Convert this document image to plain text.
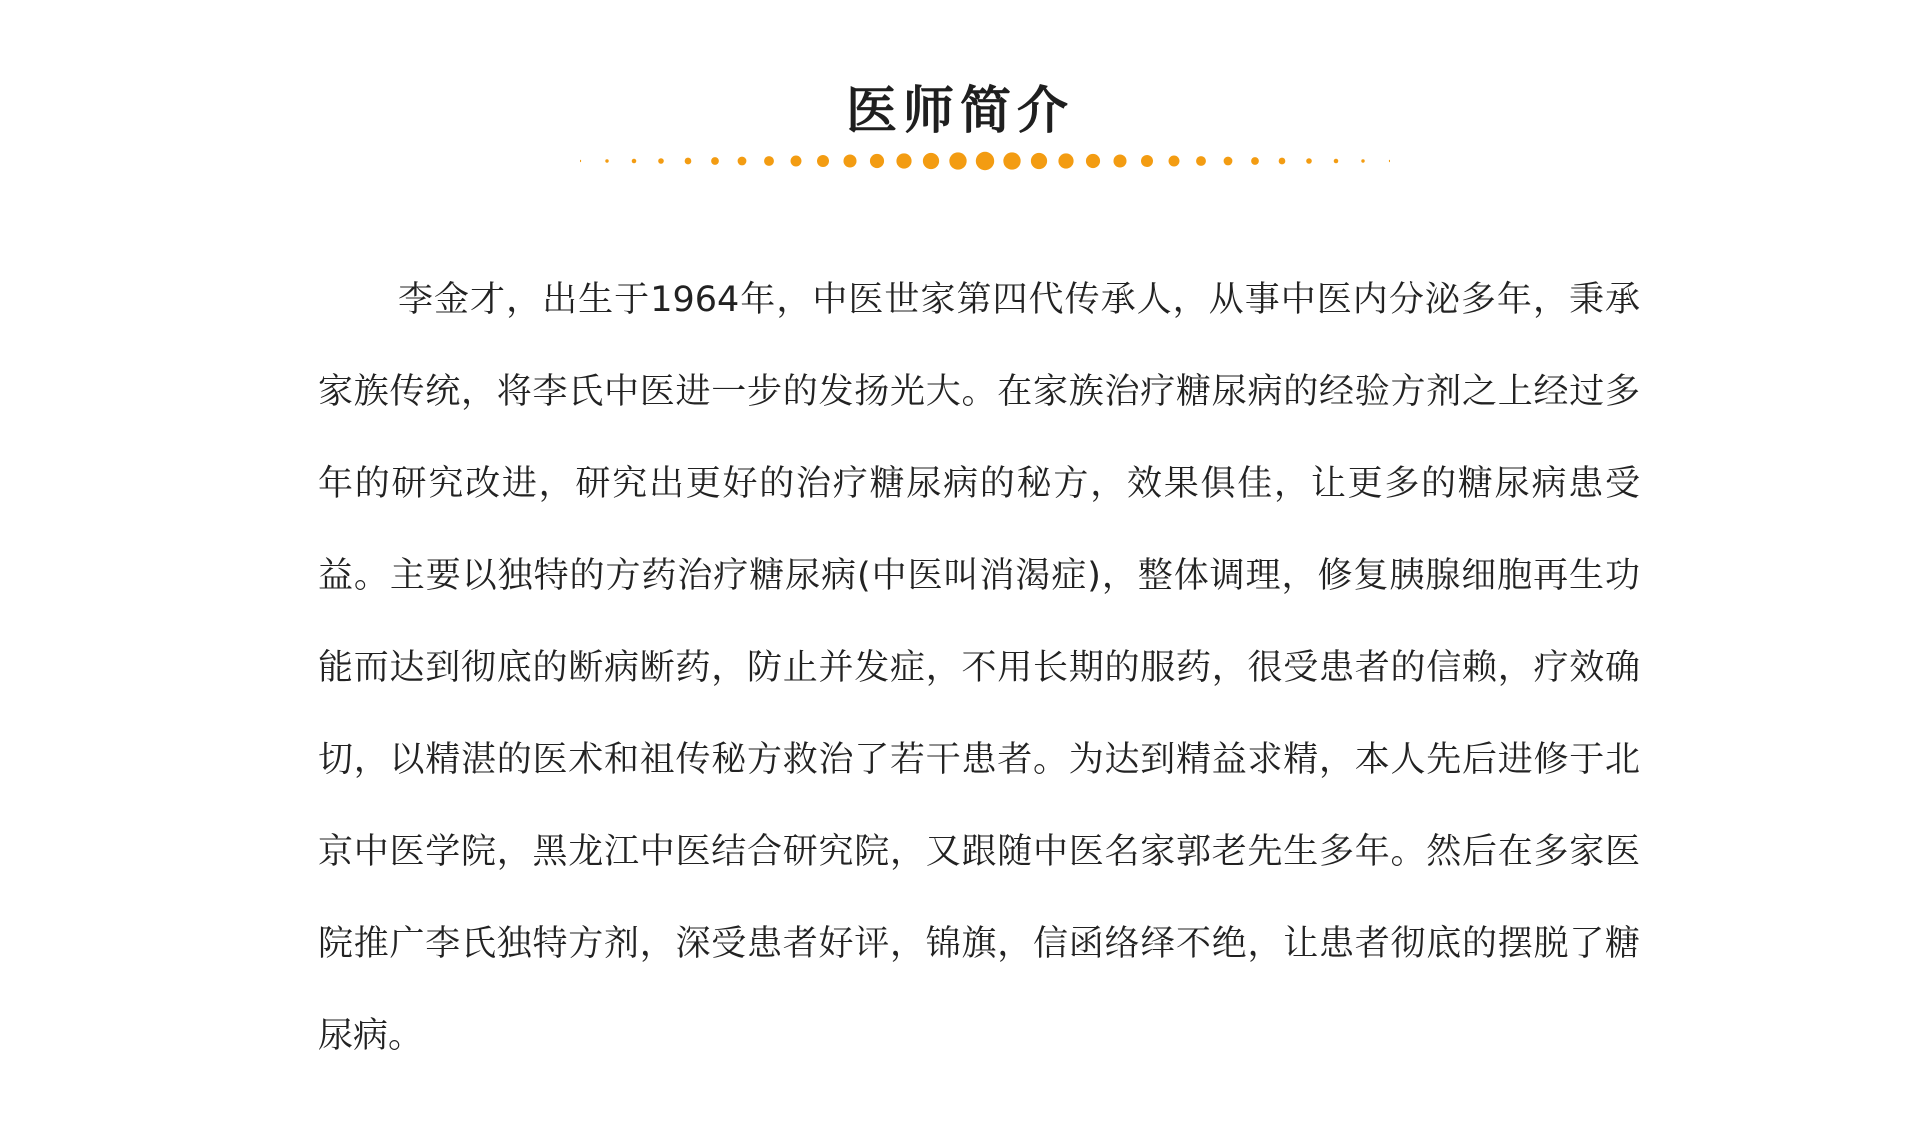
医师简介

李金才，出生于1964年，中医世家第四代传承人，从事中医内分泌多年，秉承家族传统，将李氏中医进一步的发扬光大。在家族治疗糖尿病的经验方剂之上经过多年的研究改进，研究出更好的治疗糖尿病的秘方，效果俱佳，让更多的糖尿病患受益。主要以独特的方药治疗糖尿病(中医叫消渴症)，整体调理，修复胰腺细胞再生功能而达到彻底的断病断药，防止并发症，不用长期的服药，很受患者的信赖，疗效确切，以精湛的医术和祖传秘方救治了若干患者。为达到精益求精，本人先后进修于北京中医学院，黑龙江中医结合研究院，又跟随中医名家郭老先生多年。然后在多家医院推广李氏独特方剂，深受患者好评，锦旗，信函络绎不绝，让患者彻底的摆脱了糖尿病。
